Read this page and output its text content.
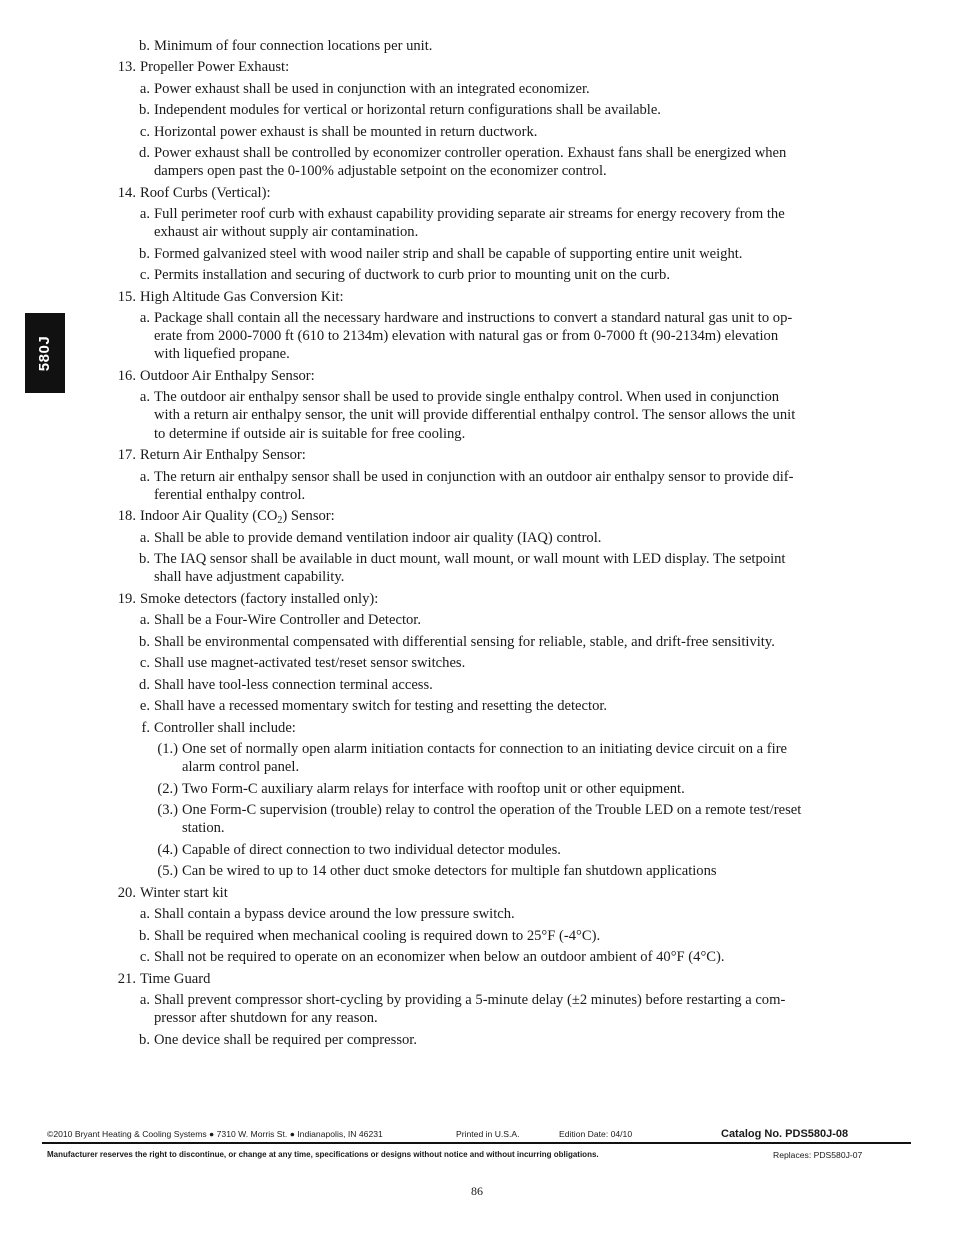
580J
b. Minimum of four connection locations per unit.
13. Propeller Power Exhaust:
a. Power exhaust shall be used in conjunction with an integrated economizer.
b. Independent modules for vertical or horizontal return configurations shall be available.
c. Horizontal power exhaust is shall be mounted in return ductwork.
d. Power exhaust shall be controlled by economizer controller operation. Exhaust fans shall be energized when
dampers open past the 0-100% adjustable setpoint on the economizer control.
14. Roof Curbs (Vertical):
a. Full perimeter roof curb with exhaust capability providing separate air streams for energy recovery from the
exhaust air without supply air contamination.
b. Formed galvanized steel with wood nailer strip and shall be capable of supporting entire unit weight.
c. Permits installation and securing of ductwork to curb prior to mounting unit on the curb.
15. High Altitude Gas Conversion Kit:
a. Package shall contain all the necessary hardware and instructions to convert a standard natural gas unit to op-
erate from 2000-7000 ft (610 to 2134m) elevation with natural gas or from 0-7000 ft (90-2134m) elevation
with liquefied propane.
16. Outdoor Air Enthalpy Sensor:
a. The outdoor air enthalpy sensor shall be used to provide single enthalpy control. When used in conjunction
with a return air enthalpy sensor, the unit will provide differential enthalpy control. The sensor allows the unit
to determine if outside air is suitable for free cooling.
17. Return Air Enthalpy Sensor:
a. The return air enthalpy sensor shall be used in conjunction with an outdoor air enthalpy sensor to provide dif-
ferential enthalpy control.
18. Indoor Air Quality $(CO_2)$ Sensor:
a. Shall be able to provide demand ventilation indoor air quality (IAQ) control.
b. The IAQ sensor shall be available in duct mount, wall mount, or wall mount with LED display. The setpoint
shall have adjustment capability.
19. Smoke detectors (factory installed only):
a. Shall be a Four-Wire Controller and Detector.
b. Shall be environmental compensated with differential sensing for reliable, stable, and drift-free sensitivity.
c. Shall use magnet-activated test/reset sensor switches.
d. Shall have tool-less connection terminal access.
e. Shall have a recessed momentary switch for testing and resetting the detector.
f. Controller shall include:
(1.) One set of normally open alarm initiation contacts for connection to an initiating device circuit on a fire
alarm control panel.
(2.) Two Form-C auxiliary alarm relays for interface with rooftop unit or other equipment.
(3.) One Form-C supervision (trouble) relay to control the operation of the Trouble LED on a remote test/reset
station.
(4.) Capable of direct connection to two individual detector modules.
(5.) Can be wired to up to 14 other duct smoke detectors for multiple fan shutdown applications
20. Winter start kit
a. Shall contain a bypass device around the low pressure switch.
b. Shall be required when mechanical cooling is required down to 25°F (-4°C).
c. Shall not be required to operate on an economizer when below an outdoor ambient of 40°F (4°C).
21. Time Guard
a. Shall prevent compressor short-cycling by providing a 5-minute delay (±2 minutes) before restarting a com-
pressor after shutdown for any reason.
b. One device shall be required per compressor.
©2010 Bryant Heating & Cooling Systems ● 7310 W. Morris St. ● Indianapolis, IN 46231	Printed in U.S.A.	Edition Date: 04/10	Catalog No. PDS580J-08
Manufacturer reserves the right to discontinue, or change at any time, specifications or designs without notice and without incurring obligations.	Replaces: PDS580J-07
86
